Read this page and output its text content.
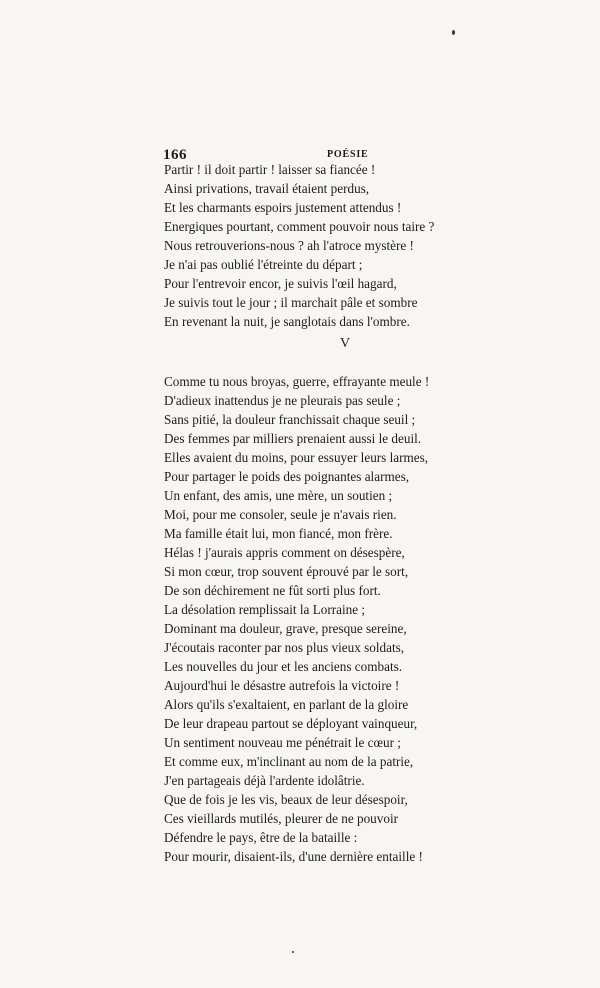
166	POÉSIE
Partir ! il doit partir ! laisser sa fiancée !
Ainsi privations, travail étaient perdus,
Et les charmants espoirs justement attendus !
Energiques pourtant, comment pouvoir nous taire ?
Nous retrouverions-nous ? ah l'atroce mystère !
Je n'ai pas oublié l'étreinte du départ ;
Pour l'entrevoir encor, je suivis l'œil hagard,
Je suivis tout le jour ; il marchait pâle et sombre
En revenant la nuit, je sanglotais dans l'ombre.
V
Comme tu nous broyas, guerre, effrayante meule !
D'adieux inattendus je ne pleurais pas seule ;
Sans pitié, la douleur franchissait chaque seuil ;
Des femmes par milliers prenaient aussi le deuil.
Elles avaient du moins, pour essuyer leurs larmes,
Pour partager le poids des poignantes alarmes,
Un enfant, des amis, une mère, un soutien ;
Moi, pour me consoler, seule je n'avais rien.
Ma famille était lui, mon fiancé, mon frère.
Hélas ! j'aurais appris comment on désespère,
Si mon cœur, trop souvent éprouvé par le sort,
De son déchirement ne fût sorti plus fort.
La désolation remplissait la Lorraine ;
Dominant ma douleur, grave, presque sereine,
J'écoutais raconter par nos plus vieux soldats,
Les nouvelles du jour et les anciens combats.
Aujourd'hui le désastre autrefois la victoire !
Alors qu'ils s'exaltaient, en parlant de la gloire
De leur drapeau partout se déployant vainqueur,
Un sentiment nouveau me pénétrait le cœur ;
Et comme eux, m'inclinant au nom de la patrie,
J'en partageais déjà l'ardente idolâtrie.
Que de fois je les vis, beaux de leur désespoir,
Ces vieillards mutilés, pleurer de ne pouvoir
Défendre le pays, être de la bataille :
Pour mourir, disaient-ils, d'une dernière entaille !
